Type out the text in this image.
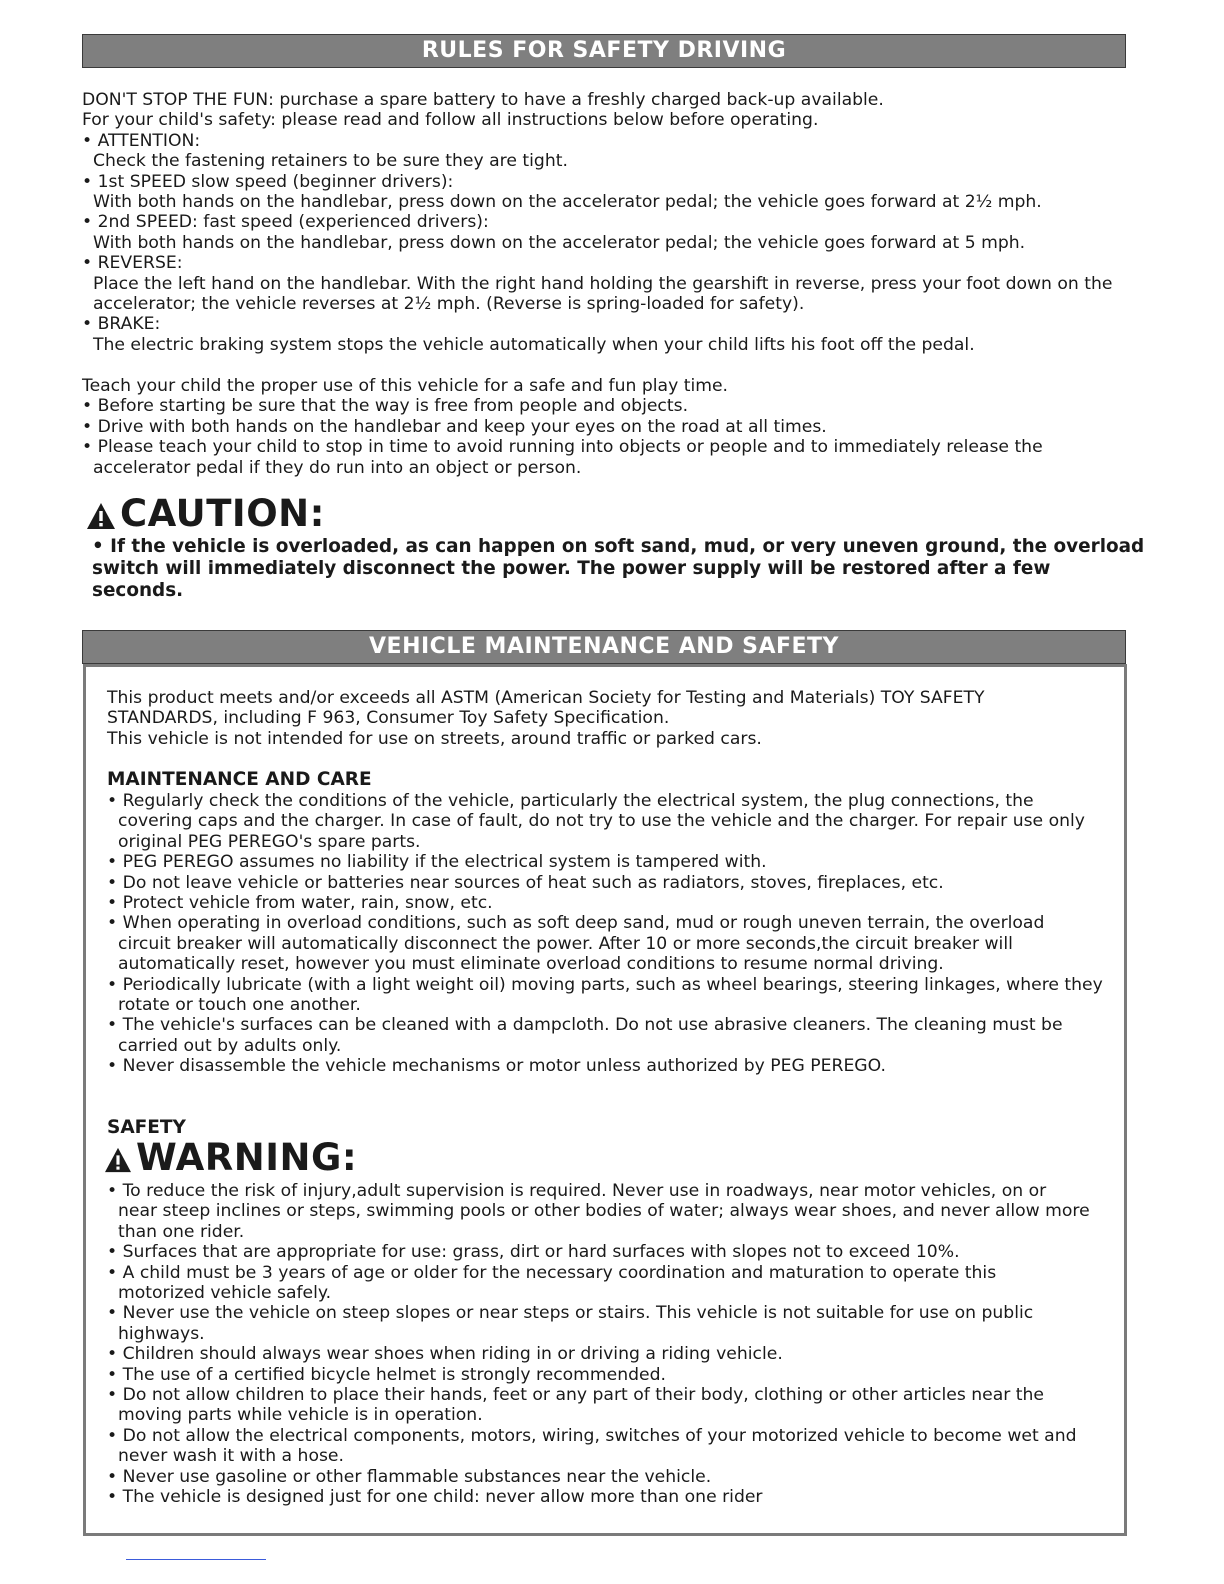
RULES FOR SAFETY DRIVING
DON'T STOP THE FUN: purchase a spare battery to have a freshly charged back-up available.
For your child's safety: please read and follow all instructions below before operating.
• ATTENTION:
Check the fastening retainers to be sure they are tight.
• 1st SPEED slow speed (beginner drivers):
With both hands on the handlebar, press down on the accelerator pedal; the vehicle goes forward at 2½ mph.
• 2nd SPEED: fast speed (experienced drivers):
With both hands on the handlebar, press down on the accelerator pedal; the vehicle goes forward at 5 mph.
• REVERSE:
Place the left hand on the handlebar. With the right hand holding the gearshift in reverse, press your foot down on the
accelerator; the vehicle reverses at 2½ mph. (Reverse is spring-loaded for safety).
• BRAKE:
The electric braking system stops the vehicle automatically when your child lifts his foot off the pedal.
Teach your child the proper use of this vehicle for a safe and fun play time.
• Before starting be sure that the way is free from people and objects.
• Drive with both hands on the handlebar and keep your eyes on the road at all times.
• Please teach your child to stop in time to avoid running into objects or people and to immediately release the
accelerator pedal if they do run into an object or person.
CAUTION:
• If the vehicle is overloaded, as can happen on soft sand, mud, or very uneven ground, the overload
switch will immediately disconnect the power. The power supply will be restored after a few
seconds.
VEHICLE MAINTENANCE AND SAFETY
This product meets and/or exceeds all ASTM (American Society for Testing and Materials) TOY SAFETY
STANDARDS, including F 963, Consumer Toy Safety Specification.
This vehicle is not intended for use on streets, around traffic or parked cars.
MAINTENANCE AND CARE
• Regularly check the conditions of the vehicle, particularly the electrical system, the plug connections, the
covering caps and the charger. In case of fault, do not try to use the vehicle and the charger. For repair use only
original PEG PEREGO's spare parts.
• PEG PEREGO assumes no liability if the electrical system is tampered with.
• Do not leave vehicle or batteries near sources of heat such as radiators, stoves, fireplaces, etc.
• Protect vehicle from water, rain, snow, etc.
• When operating in overload conditions, such as soft deep sand, mud or rough uneven terrain, the overload
circuit breaker will automatically disconnect the power. After 10 or more seconds,the circuit breaker will
automatically reset, however you must eliminate overload conditions to resume normal driving.
• Periodically lubricate (with a light weight oil) moving parts, such as wheel bearings, steering linkages, where they
rotate or touch one another.
• The vehicle's surfaces can be cleaned with a dampcloth. Do not use abrasive cleaners. The cleaning must be
carried out by adults only.
• Never disassemble the vehicle mechanisms or motor unless authorized by PEG PEREGO.
SAFETY
WARNING:
• To reduce the risk of injury,adult supervision is required. Never use in roadways, near motor vehicles, on or
near steep inclines or steps, swimming pools or other bodies of water; always wear shoes, and never allow more
than one rider.
• Surfaces that are appropriate for use: grass, dirt or hard surfaces with slopes not to exceed 10%.
• A child must be 3 years of age or older for the necessary coordination and maturation to operate this
motorized vehicle safely.
• Never use the vehicle on steep slopes or near steps or stairs. This vehicle is not suitable for use on public
highways.
• Children should always wear shoes when riding in or driving a riding vehicle.
• The use of a certified bicycle helmet is strongly recommended.
• Do not allow children to place their hands, feet or any part of their body, clothing or other articles near the
moving parts while vehicle is in operation.
• Do not allow the electrical components, motors, wiring, switches of your motorized vehicle to become wet and
never wash it with a hose.
• Never use gasoline or other flammable substances near the vehicle.
• The vehicle is designed just for one child: never allow more than one rider
